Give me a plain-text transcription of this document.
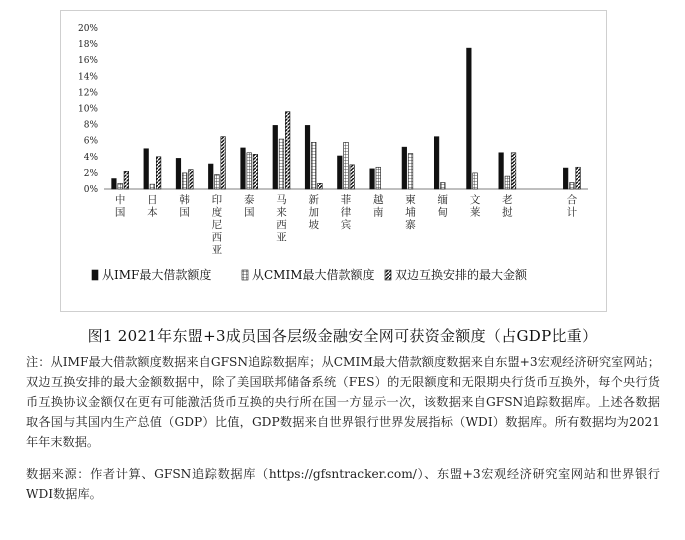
0%
2%
4%
6%
8%
10%
12%
14%
16%
18%
20%
中国
日本
韩国
印度尼西亚
泰国
马来西亚
新加坡
菲律宾
越南
柬埔寨
缅甸
文莱
老挝
合计
从IMF最大借款额度	从CMIM最大借款额度 双边互换安排的最大金额
图1 2021年东盟+3成员国各层级金融安全网可获资金额度（占GDP比重）
注：从IMF最大借款额度数据来自GFSN追踪数据库；从CMIM最大借款额度数据来自东盟+3宏观经济研究室网站；双边互换安排的最大金额数据中，除了美国联邦储备系统（FES）的无限额度和无限期央行货币互换外，每个央行货币互换协议金额仅在更有可能激活货币互换的央行所在国一方显示一次，该数据来自GFSN追踪数据库。上述各数据取各国与其国内生产总值（GDP）比值，GDP数据来自世界银行世界发展指标（WDI）数据库。所有数据均为2021年年末数据。
数据来源：作者计算、GFSN追踪数据库（https://gfsntracker.com/）、东盟+3宏观经济研究室网站和世界银行WDI数据库。
